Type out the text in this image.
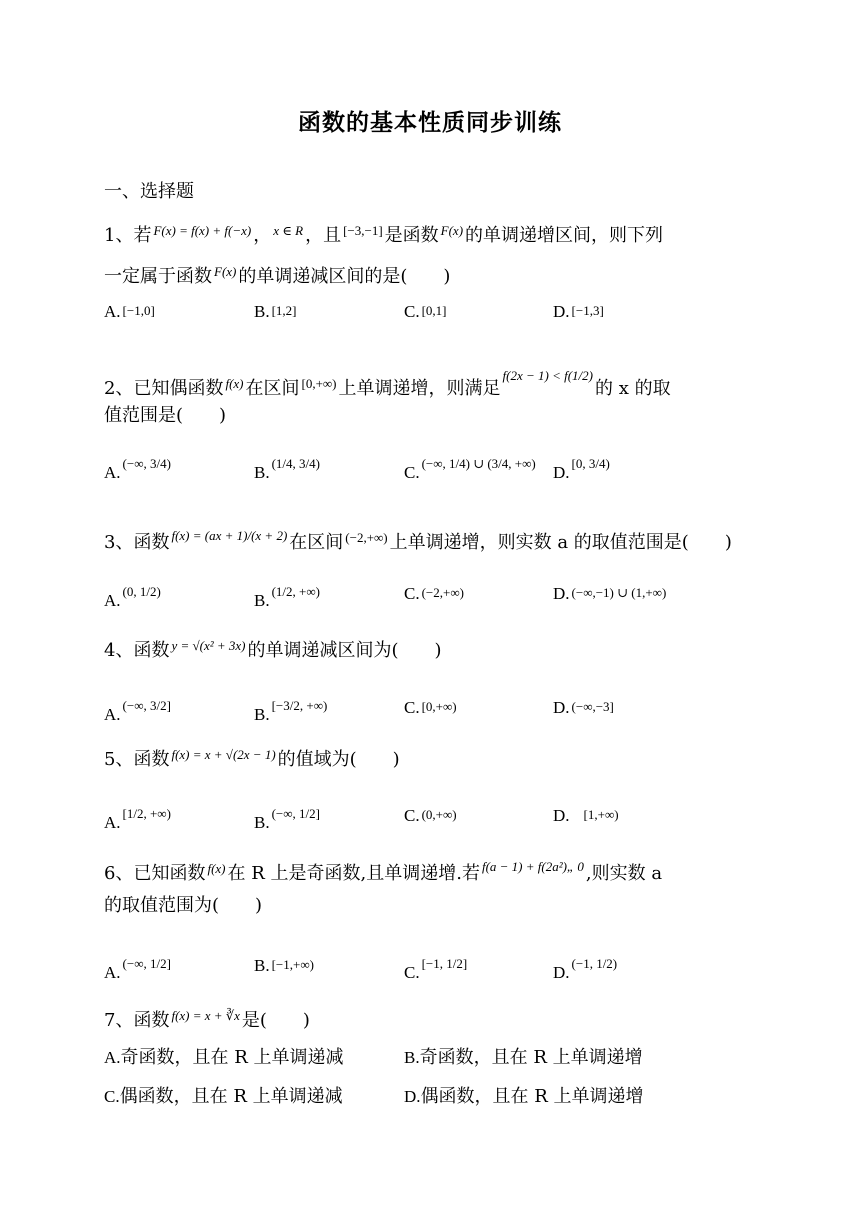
函数的基本性质同步训练
一、选择题
1、若 F(x) = f(x) + f(−x) ， x ∈ R ，且 [−3,−1] 是函数 F(x) 的单调递增区间，则下列
一定属于函数 F(x) 的单调递减区间的是(　　)
A. [−1,0]	B. [1,2]	C. [0,1]	D. [−1,3]
2、已知偶函数 f(x) 在区间 [0,+∞) 上单调递增，则满足f(2x − 1) < f(1/2)的 x 的取
值范围是(　　)
A. (−∞, 3/4)	B. (1/4, 3/4)	C. (−∞, 1/4) ∪ (3/4, +∞) D. [0, 3/4)
3、函数 f(x) = (ax + 1)/(x + 2) 在区间 (−2,+∞) 上单调递增，则实数 a 的取值范围是(　　)
A. (0, 1/2)	B. (1/2, +∞)	C. (−2,+∞)	D. (−∞,−1) ∪ (1,+∞)
4、函数 y = √(x² + 3x) 的单调递减区间为(　　)
A. (−∞, 3/2]	B. [−3/2, +∞)	C. [0,+∞)	D. (−∞,−3]
5、函数 f(x) = x + √(2x − 1) 的值域为(　　)
A. [1/2, +∞)	B. (−∞, 1/2]	C. (0,+∞)	D. [1,+∞)
6、已知函数 f(x) 在 R 上是奇函数,且单调递增.若 f(a − 1) + f(2a²)„ 0 ,则实数 a
的取值范围为(　　)
A. (−∞, 1/2]	B. [−1,+∞)	C. [−1, 1/2]	D. (−1, 1/2)
7、函数 f(x) = x + ∛x 是(　　)
A.奇函数，且在 R 上单调递减	B.奇函数，且在 R 上单调递增
C.偶函数，且在 R 上单调递减	D.偶函数，且在 R 上单调递增
